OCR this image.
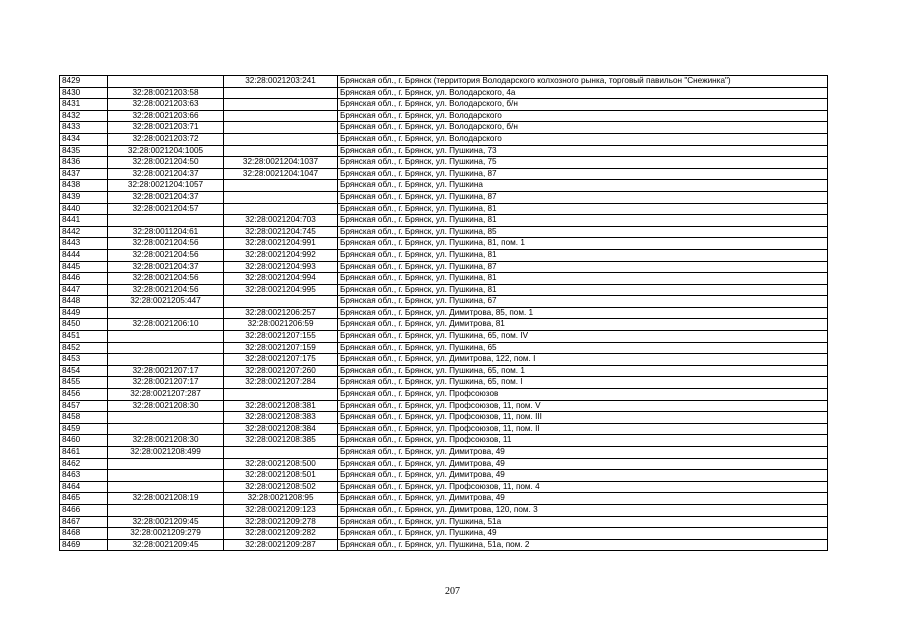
8429		32:28:0021203:241	Брянская обл., г. Брянск (территория Володарского колхозного рынка, торговый павильон "Снежинка")
8430	32:28:0021203:58		Брянская обл., г. Брянск, ул. Володарского, 4а
8431	32:28:0021203:63		Брянская обл., г. Брянск, ул. Володарского, б/н
8432	32:28:0021203:66		Брянская обл., г. Брянск, ул. Володарского
8433	32:28:0021203:71		Брянская обл., г. Брянск, ул. Володарского, б/н
8434	32:28:0021203:72		Брянская обл., г. Брянск, ул. Володарского
8435	32:28:0021204:1005		Брянская обл., г. Брянск, ул. Пушкина, 73
8436	32:28:0021204:50	32:28:0021204:1037	Брянская обл., г. Брянск, ул. Пушкина, 75
8437	32:28:0021204:37	32:28:0021204:1047	Брянская обл., г. Брянск, ул. Пушкина, 87
8438	32:28:0021204:1057		Брянская обл., г. Брянск, ул. Пушкина
8439	32:28:0021204:37		Брянская обл., г. Брянск, ул. Пушкина, 87
8440	32:28:0021204:57		Брянская обл., г. Брянск, ул. Пушкина, 81
8441		32:28:0021204:703	Брянская обл., г. Брянск, ул. Пушкина, 81
8442	32:28:0011204:61	32:28:0021204:745	Брянская обл., г. Брянск, ул. Пушкина, 85
8443	32:28:0021204:56	32:28:0021204:991	Брянская обл., г. Брянск, ул. Пушкина, 81, пом. 1
8444	32:28:0021204:56	32:28:0021204:992	Брянская обл., г. Брянск, ул. Пушкина, 81
8445	32:28:0021204:37	32:28:0021204:993	Брянская обл., г. Брянск, ул. Пушкина, 87
8446	32:28:0021204:56	32:28:0021204:994	Брянская обл., г. Брянск, ул. Пушкина, 81
8447	32:28:0021204:56	32:28:0021204:995	Брянская обл., г. Брянск, ул. Пушкина, 81
8448	32:28:0021205:447		Брянская обл., г. Брянск, ул. Пушкина, 67
8449		32:28:0021206:257	Брянская обл., г. Брянск, ул. Димитрова, 85, пом. 1
8450	32:28:0021206:10	32:28:0021206:59	Брянская обл., г. Брянск, ул. Димитрова, 81
8451		32:28:0021207:155	Брянская обл., г. Брянск, ул. Пушкина, 65, пом. IV
8452		32:28:0021207:159	Брянская обл., г. Брянск, ул. Пушкина, 65
8453		32:28:0021207:175	Брянская обл., г. Брянск, ул. Димитрова, 122, пом. I
8454	32:28:0021207:17	32:28:0021207:260	Брянская обл., г. Брянск, ул. Пушкина, 65, пом. 1
8455	32:28:0021207:17	32:28:0021207:284	Брянская обл., г. Брянск, ул. Пушкина, 65, пом. I
8456	32:28:0021207:287		Брянская обл., г. Брянск, ул. Профсоюзов
8457	32:28:0021208:30	32:28:0021208:381	Брянская обл., г. Брянск, ул. Профсоюзов, 11, пом. V
8458		32:28:0021208:383	Брянская обл., г. Брянск, ул. Профсоюзов, 11, пом. III
8459		32:28:0021208:384	Брянская обл., г. Брянск, ул. Профсоюзов, 11, пом. II
8460	32:28:0021208:30	32:28:0021208:385	Брянская обл., г. Брянск, ул. Профсоюзов, 11
8461	32:28:0021208:499		Брянская обл., г. Брянск, ул. Димитрова, 49
8462		32:28:0021208:500	Брянская обл., г. Брянск, ул. Димитрова, 49
8463		32:28:0021208:501	Брянская обл., г. Брянск, ул. Димитрова, 49
8464		32:28:0021208:502	Брянская обл., г. Брянск, ул. Профсоюзов, 11, пом. 4
8465	32:28:0021208:19	32:28:0021208:95	Брянская обл., г. Брянск, ул. Димитрова, 49
8466		32:28:0021209:123	Брянская обл., г. Брянск, ул. Димитрова, 120, пом. 3
8467	32:28:0021209:45	32:28:0021209:278	Брянская обл., г. Брянск, ул. Пушкина, 51а
8468	32:28:0021209:279	32:28:0021209:282	Брянская обл., г. Брянск, ул. Пушкина, 49
8469	32:28:0021209:45	32:28:0021209:287	Брянская обл., г. Брянск, ул. Пушкина, 51а, пом. 2
207
